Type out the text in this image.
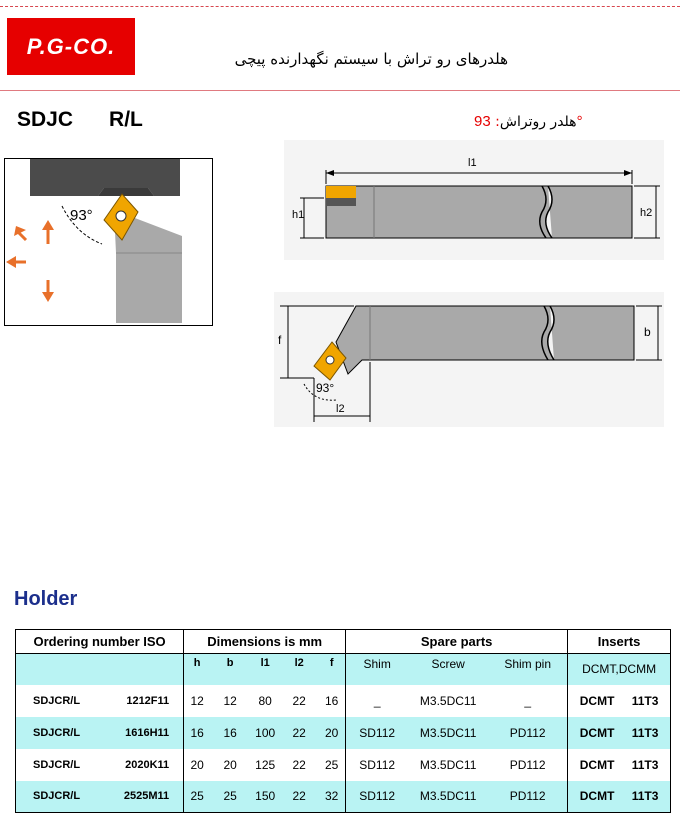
P.G-CO.
هلدرهای رو تراش با سیستم نگهدارنده پیچی
SDJC R/L	هلدر روتراش: 93°
93°
l1
h1	h2
b
f
l2
93°
Holder
Ordering number ISO	Dimensions is mm	Spare parts	Inserts

	h b l1 l2 f	Shim Screw Shim pin	DCMT,DCMM

SDJCR/L 1212F11	12 12 80 22 16	_ M3.5DC11 _	DCMT 11T3

SDJCR/L 1616H11	16 16 100 22 20	SD112 M3.5DC11 PD112	DCMT 11T3

SDJCR/L 2020K11	20 20 125 22 25	SD112 M3.5DC11 PD112	DCMT 11T3

SDJCR/L 2525M11	25 25 150 22 32	SD112 M3.5DC11 PD112	DCMT 11T3
